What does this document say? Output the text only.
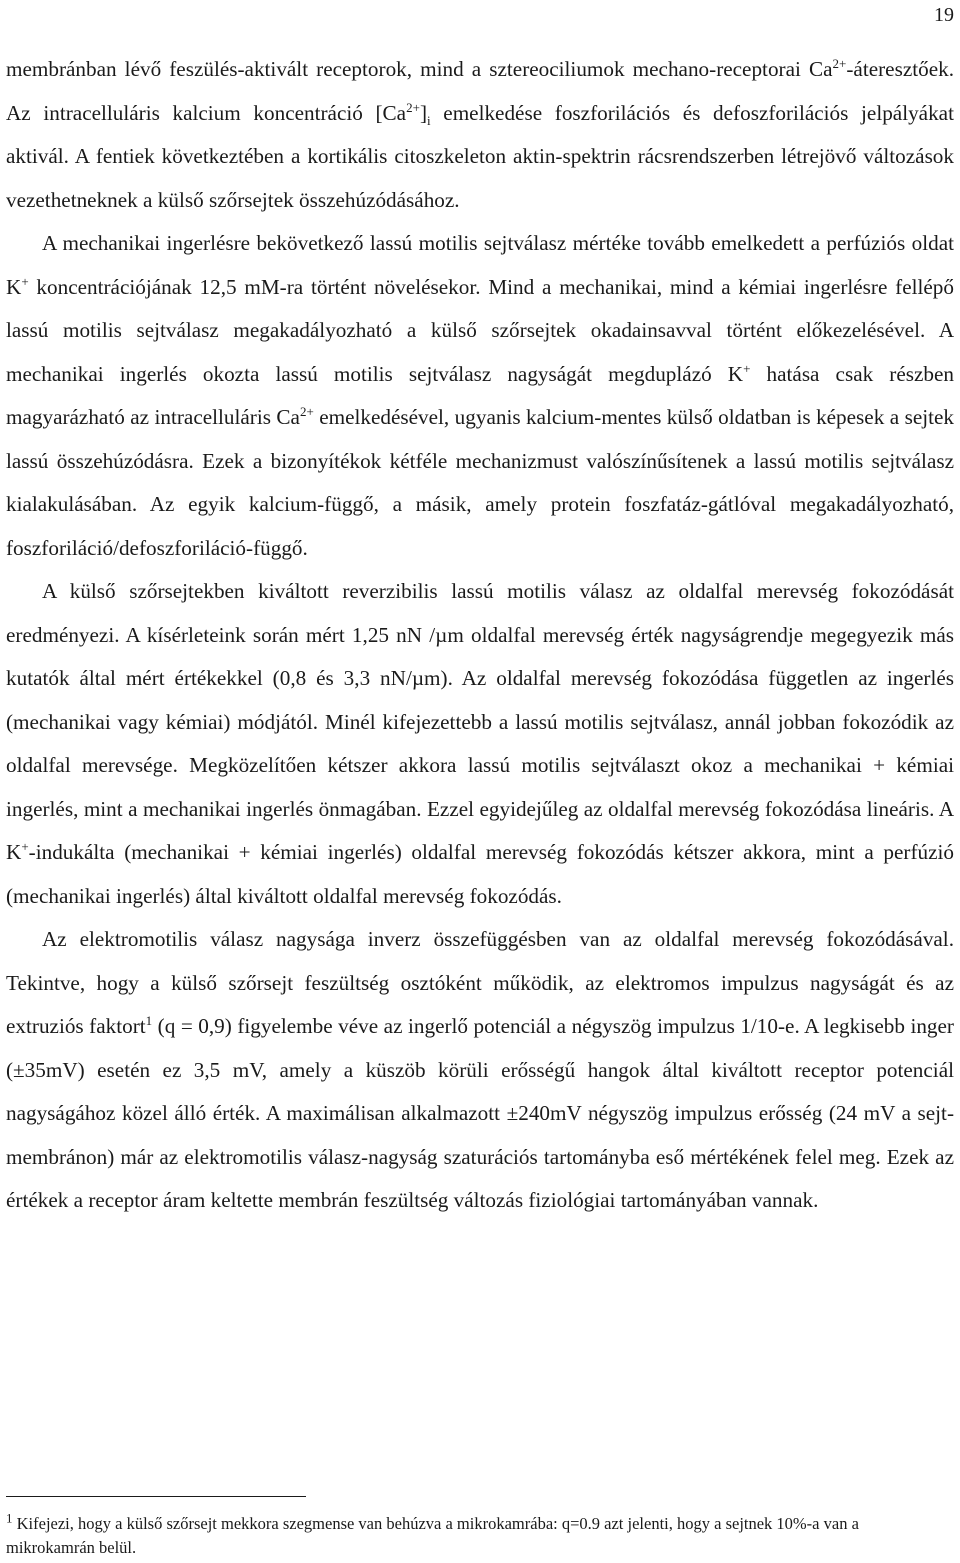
19

membránban lévő feszülés-aktivált receptorok, mind a sztereociliumok mechano-receptorai $Ca^{2+}$-áteresztőek. Az intracelluláris kalcium koncentráció $[Ca^{2+}]_i$ emelkedése foszforilációs és defoszforilációs jelpályákat aktivál. A fentiek következtében a kortikális citoszkeleton aktin-spektrin rácsrendszerben létrejövő változások vezethetneknek a külső szőrsejtek összehúzódásához.

A mechanikai ingerlésre bekövetkező lassú motilis sejtválasz mértéke tovább emelkedett a perfúziós oldat K+ koncentrációjának 12,5 mM-ra történt növelésekor. Mind a mechanikai, mind a kémiai ingerlésre fellépő lassú motilis sejtválasz megakadályozható a külső szőrsejtek okadainsavval történt előkezelésével. A mechanikai ingerlés okozta lassú motilis sejtválasz nagyságát megduplázó K+ hatása csak részben magyarázható az intracelluláris $Ca^{2+}$ emelkedésével, ugyanis kalcium-mentes külső oldatban is képesek a sejtek lassú összehúzódásra. Ezek a bizonyítékok kétféle mechanizmust valószínűsítenek a lassú motilis sejtválasz kialakulásában. Az egyik kalcium-függő, a másik, amely protein foszfatáz-gátlóval megakadályozható, foszforiláció/defoszforiláció-függő.

A külső szőrsejtekben kiváltott reverzibilis lassú motilis válasz az oldalfal merevség fokozódását eredményezi. A kísérleteink során mért 1,25 nN /µm oldalfal merevség érték nagyságrendje megegyezik más kutatók által mért értékekkel (0,8 és 3,3 nN/µm). Az oldalfal merevség fokozódása független az ingerlés (mechanikai vagy kémiai) módjától. Minél kifejezettebb a lassú motilis sejtválasz, annál jobban fokozódik az oldalfal merevsége. Megközelítően kétszer akkora lassú motilis sejtválaszt okoz a mechanikai + kémiai ingerlés, mint a mechanikai ingerlés önmagában. Ezzel egyidejűleg az oldalfal merevség fokozódása lineáris. A K+-indukálta (mechanikai + kémiai ingerlés) oldalfal merevség fokozódás kétszer akkora, mint a perfúzió (mechanikai ingerlés) által kiváltott oldalfal merevség fokozódás.

Az elektromotilis válasz nagysága inverz összefüggésben van az oldalfal merevség fokozódásával. Tekintve, hogy a külső szőrsejt feszültség osztóként működik, az elektromos impulzus nagyságát és az extruziós faktort$^1$ (q = 0,9) figyelembe véve az ingerlő potenciál a négyszög impulzus 1/10-e. A legkisebb inger (±35mV) esetén ez 3,5 mV, amely a küszöb körüli erősségű hangok által kiváltott receptor potenciál nagyságához közel álló érték. A maximálisan alkalmazott ±240mV négyszög impulzus erősség (24 mV a sejt-membránon) már az elektromotilis válasz-nagyság szaturációs tartományba eső mértékének felel meg. Ezek az értékek a receptor áram keltette membrán feszültség változás fiziológiai tartományában vannak.

$^1$ Kifejezi, hogy a külső szőrsejt mekkora szegmense van behúzva a mikrokamrába: q=0.9 azt jelenti, hogy a sejtnek 10%-a van a mikrokamrán belül.
